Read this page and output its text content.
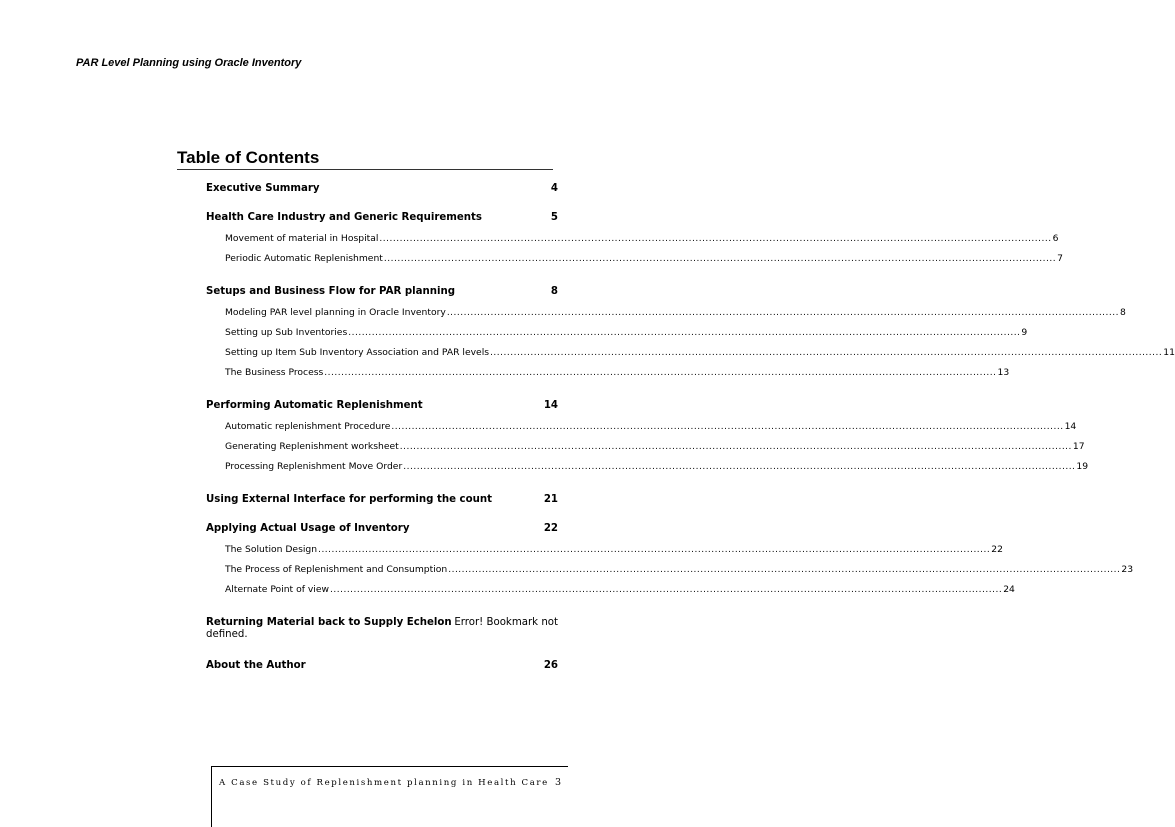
PAR Level Planning using Oracle Inventory
Table of Contents
Executive Summary	4
Health Care Industry and Generic Requirements	5
Movement of material in Hospital ........................................................................................................................................................................................................ 6
Periodic Automatic Replenishment ........................................................................................................................................................................................................ 7
Setups and Business Flow for PAR planning	8
Modeling PAR level planning in Oracle Inventory ........................................................................................................................................................................................................ 8
Setting up Sub Inventories ........................................................................................................................................................................................................ 9
Setting up Item Sub Inventory Association and PAR levels ........................................................................................................................................................................................................ 11
The Business Process ........................................................................................................................................................................................................ 13
Performing Automatic Replenishment	14
Automatic replenishment Procedure ........................................................................................................................................................................................................ 14
Generating Replenishment worksheet ........................................................................................................................................................................................................ 17
Processing Replenishment Move Order ........................................................................................................................................................................................................ 19
Using External Interface for performing the count	21
Applying Actual Usage of Inventory	22
The Solution Design ........................................................................................................................................................................................................ 22
The Process of Replenishment and Consumption ........................................................................................................................................................................................................ 23
Alternate Point of view ........................................................................................................................................................................................................ 24
Returning Material back to Supply Echelon Error! Bookmark not
defined.
About the Author	26
A Case Study of Replenishment planning in Health Care 3
